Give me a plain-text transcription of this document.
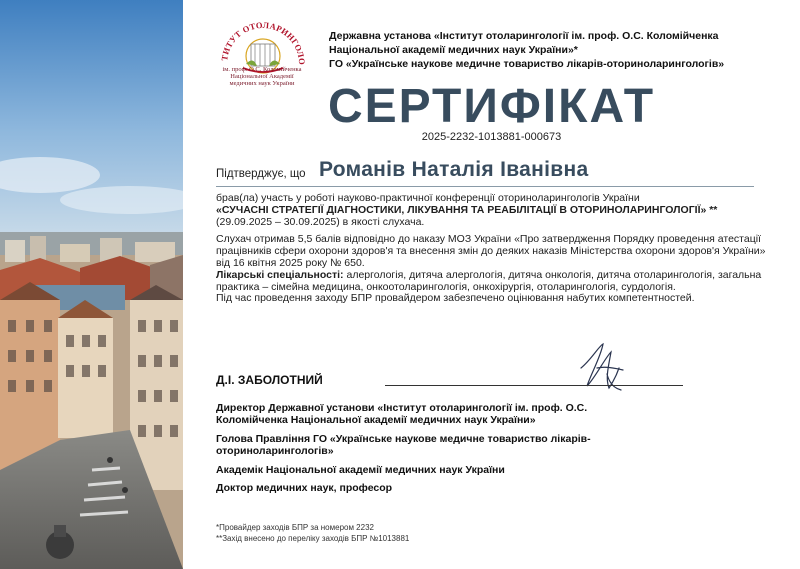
ТИТУТ ОТОЛАРИНГОЛО
ім. проф. О.С. Коломійченка
Національної Академії
медичних наук України
Державна установа «Інститут отоларингології ім. проф. О.С. Коломійченка
Національної академії медичних наук України»*
ГО «Українське наукове медичне товариство лікарів-оториноларингологів»
СЕРТИФІКАТ
2025-2232-1013881-000673
Підтверджує, що Романів Наталія Іванівна

брав(ла) участь у роботі науково-практичної конференції оториноларингологів України

«СУЧАСНІ СТРАТЕГІЇ ДІАГНОСТИКИ, ЛІКУВАННЯ ТА РЕАБІЛІТАЦІЇ В ОТОРИНОЛАРИНГОЛОГІЇ» **

(29.09.2025 – 30.09.2025) в якості слухача.

Слухач отримав 5,5 балів відповідно до наказу МОЗ України «Про затвердження Порядку проведення атестації працівників сфери охорони здоров'я та внесення змін до деяких наказів Міністерства охорони здоров'я України» від 16 квітня 2025 року № 650.

Лікарські спеціальності: алергологія, дитяча алергологія, дитяча онкологія, дитяча отоларингологія, загальна практика – сімейна медицина, онкоотоларингологія, онкохірургія, отоларингологія, сурдологія.

Під час проведення заходу БПР провайдером забезпечено оцінювання набутих компетентностей.

Д.І. ЗАБОЛОТНИЙ

Директор Державної установи «Інститут отоларингології ім. проф. О.С. Коломійченка Національної академії медичних наук України»

Голова Правління ГО «Українське наукове медичне товариство лікарів-оториноларингологів»

Академік Національної академії медичних наук України

Доктор медичних наук, професор

*Провайдер заходів БПР за номером 2232
**Захід внесено до переліку заходів БПР №1013881
